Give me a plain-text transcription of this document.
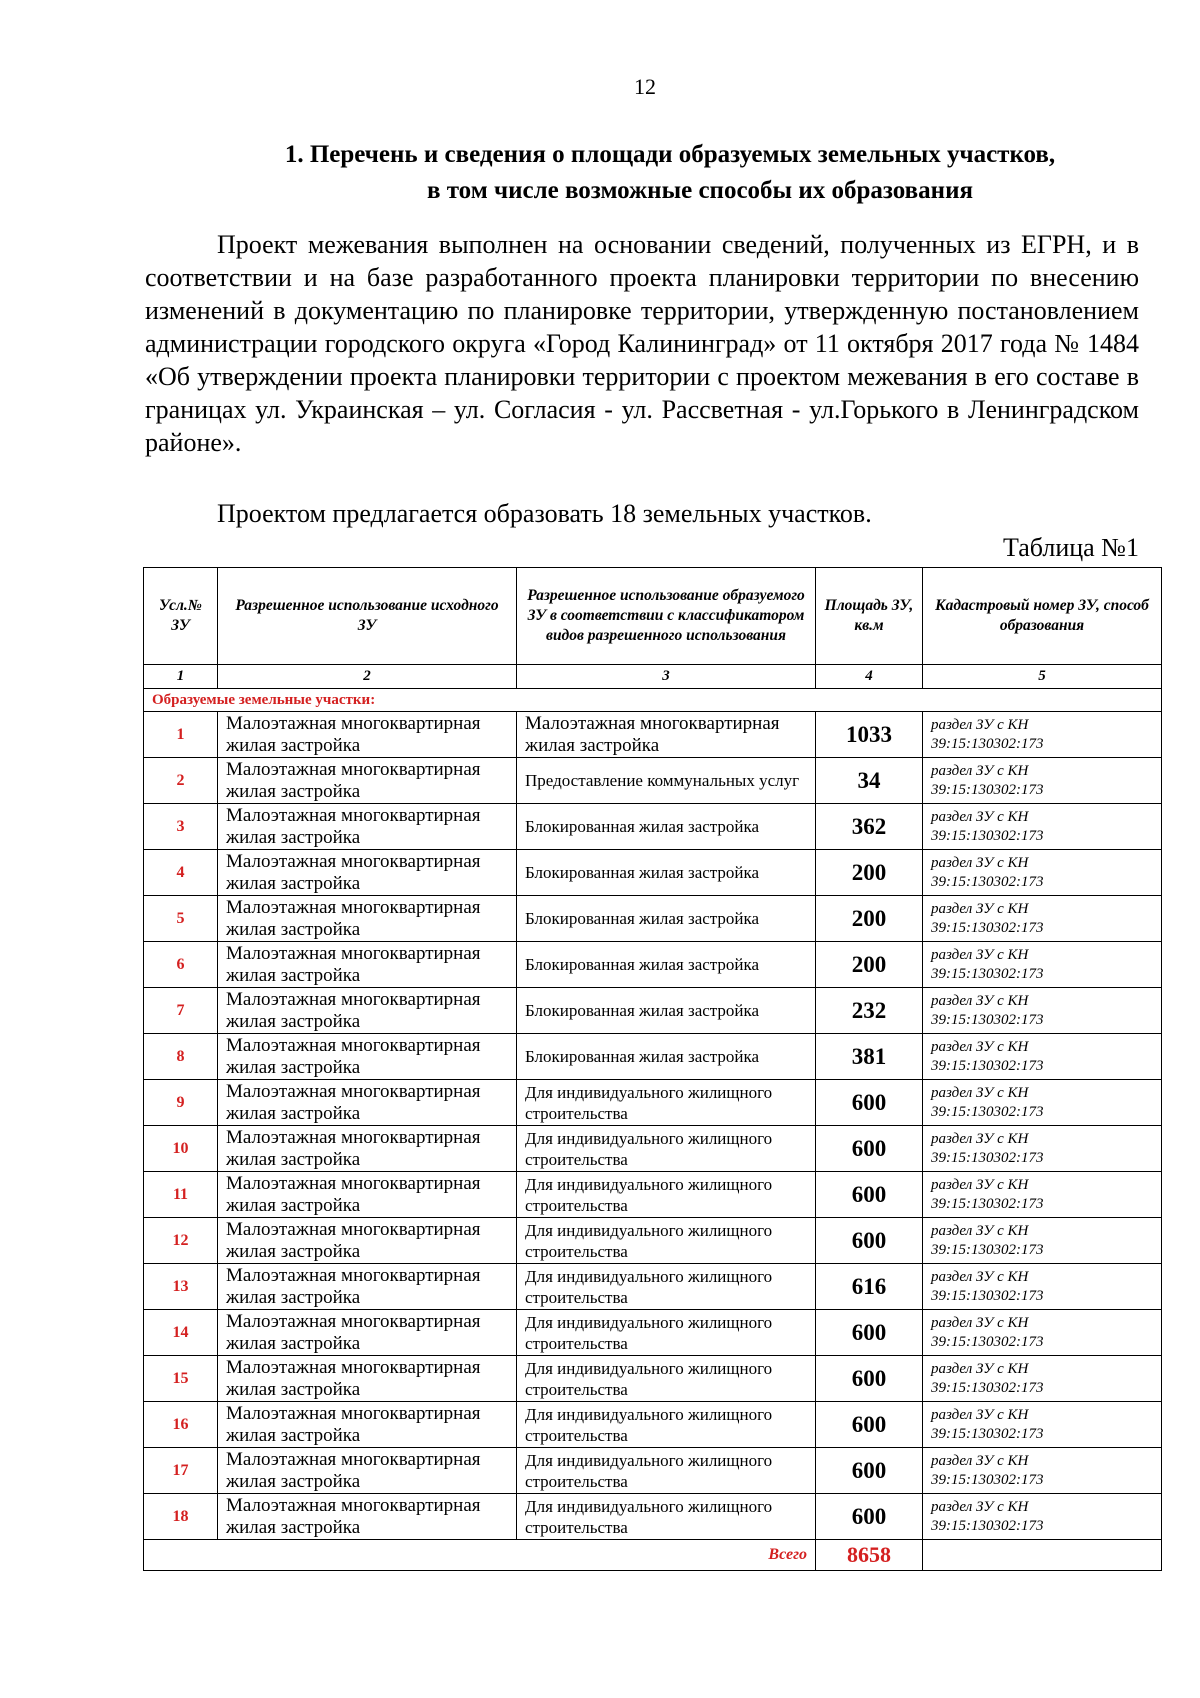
12
1. Перечень и сведения о площади образуемых земельных участков,
в том числе возможные способы их образования
Проект межевания выполнен на основании сведений, полученных из ЕГРН, и в соответствии и на базе разработанного проекта планировки территории по внесению изменений в документацию по планировке территории, утвержденную постановлением администрации городского округа «Город Калининград» от 11 октября 2017 года № 1484 «Об утверждении проекта планировки территории с проектом межевания в его составе в границах ул. Украинская – ул. Согласия - ул. Рассветная - ул.Горького в Ленинградском районе».
Проектом предлагается образовать 18 земельных участков.
Таблица №1
Усл.№ ЗУ	Разрешенное использование исходного ЗУ	Разрешенное использование образуемого ЗУ в соответствии с классификатором видов разрешенного использования	Площадь ЗУ, кв.м	Кадастровый номер ЗУ, способ образования
1	2	3	4	5
Образуемые земельные участки:				
1	Малоэтажная многоквартирная жилая застройка	Малоэтажная многоквартирная жилая застройка	1033	раздел ЗУ с КН
39:15:130302:173

2	Малоэтажная многоквартирная жилая застройка	Предоставление коммунальных услуг	34	раздел ЗУ с КН
39:15:130302:173

3	Малоэтажная многоквартирная жилая застройка	Блокированная жилая застройка	362	раздел ЗУ с КН
39:15:130302:173

4	Малоэтажная многоквартирная жилая застройка	Блокированная жилая застройка	200	раздел ЗУ с КН
39:15:130302:173

5	Малоэтажная многоквартирная жилая застройка	Блокированная жилая застройка	200	раздел ЗУ с КН
39:15:130302:173

6	Малоэтажная многоквартирная жилая застройка	Блокированная жилая застройка	200	раздел ЗУ с КН
39:15:130302:173

7	Малоэтажная многоквартирная жилая застройка	Блокированная жилая застройка	232	раздел ЗУ с КН
39:15:130302:173

8	Малоэтажная многоквартирная жилая застройка	Блокированная жилая застройка	381	раздел ЗУ с КН
39:15:130302:173

9	Малоэтажная многоквартирная жилая застройка	Для индивидуального жилищного строительства	600	раздел ЗУ с КН
39:15:130302:173

10	Малоэтажная многоквартирная жилая застройка	Для индивидуального жилищного строительства	600	раздел ЗУ с КН
39:15:130302:173

11	Малоэтажная многоквартирная жилая застройка	Для индивидуального жилищного строительства	600	раздел ЗУ с КН
39:15:130302:173

12	Малоэтажная многоквартирная жилая застройка	Для индивидуального жилищного строительства	600	раздел ЗУ с КН
39:15:130302:173

13	Малоэтажная многоквартирная жилая застройка	Для индивидуального жилищного строительства	616	раздел ЗУ с КН
39:15:130302:173

14	Малоэтажная многоквартирная жилая застройка	Для индивидуального жилищного строительства	600	раздел ЗУ с КН
39:15:130302:173

15	Малоэтажная многоквартирная жилая застройка	Для индивидуального жилищного строительства	600	раздел ЗУ с КН
39:15:130302:173

16	Малоэтажная многоквартирная жилая застройка	Для индивидуального жилищного строительства	600	раздел ЗУ с КН
39:15:130302:173

17	Малоэтажная многоквартирная жилая застройка	Для индивидуального жилищного строительства	600	раздел ЗУ с КН
39:15:130302:173

18	Малоэтажная многоквартирная жилая застройка	Для индивидуального жилищного строительства	600	раздел ЗУ с КН
39:15:130302:173

Всего			8658	
